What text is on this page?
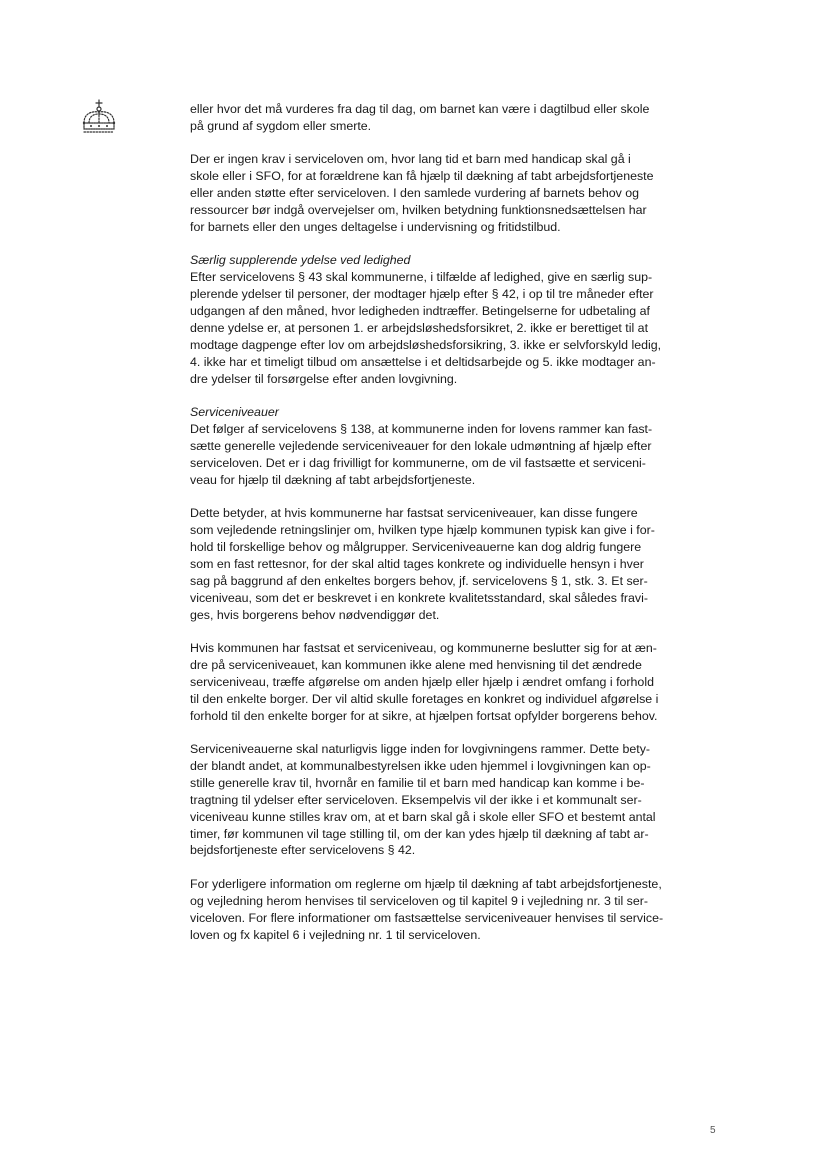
eller hvor det må vurderes fra dag til dag, om barnet kan være i dagtilbud eller skole
på grund af sygdom eller smerte.
Der er ingen krav i serviceloven om, hvor lang tid et barn med handicap skal gå i
skole eller i SFO, for at forældrene kan få hjælp til dækning af tabt arbejdsfortjeneste
eller anden støtte efter serviceloven. I den samlede vurdering af barnets behov og
ressourcer bør indgå overvejelser om, hvilken betydning funktionsnedsættelsen har
for barnets eller den unges deltagelse i undervisning og fritidstilbud.
Særlig supplerende ydelse ved ledighed
Efter servicelovens § 43 skal kommunerne, i tilfælde af ledighed, give en særlig sup-
plerende ydelser til personer, der modtager hjælp efter § 42, i op til tre måneder efter
udgangen af den måned, hvor ledigheden indtræffer. Betingelserne for udbetaling af
denne ydelse er, at personen 1. er arbejdsløshedsforsikret, 2. ikke er berettiget til at
modtage dagpenge efter lov om arbejdsløshedsforsikring, 3. ikke er selvforskyld ledig,
4. ikke har et timeligt tilbud om ansættelse i et deltidsarbejde og 5. ikke modtager an-
dre ydelser til forsørgelse efter anden lovgivning.
Serviceniveauer
Det følger af servicelovens § 138, at kommunerne inden for lovens rammer kan fast-
sætte generelle vejledende serviceniveauer for den lokale udmøntning af hjælp efter
serviceloven. Det er i dag frivilligt for kommunerne, om de vil fastsætte et serviceni-
veau for hjælp til dækning af tabt arbejdsfortjeneste.
Dette betyder, at hvis kommunerne har fastsat serviceniveauer, kan disse fungere
som vejledende retningslinjer om, hvilken type hjælp kommunen typisk kan give i for-
hold til forskellige behov og målgrupper. Serviceniveauerne kan dog aldrig fungere
som en fast rettesnor, for der skal altid tages konkrete og individuelle hensyn i hver
sag på baggrund af den enkeltes borgers behov, jf. servicelovens § 1, stk. 3. Et ser-
viceniveau, som det er beskrevet i en konkrete kvalitetsstandard, skal således fravi-
ges, hvis borgerens behov nødvendiggør det.
Hvis kommunen har fastsat et serviceniveau, og kommunerne beslutter sig for at æn-
dre på serviceniveauet, kan kommunen ikke alene med henvisning til det ændrede
serviceniveau, træffe afgørelse om anden hjælp eller hjælp i ændret omfang i forhold
til den enkelte borger. Der vil altid skulle foretages en konkret og individuel afgørelse i
forhold til den enkelte borger for at sikre, at hjælpen fortsat opfylder borgerens behov.
Serviceniveauerne skal naturligvis ligge inden for lovgivningens rammer. Dette bety-
der blandt andet, at kommunalbestyrelsen ikke uden hjemmel i lovgivningen kan op-
stille generelle krav til, hvornår en familie til et barn med handicap kan komme i be-
tragtning til ydelser efter serviceloven. Eksempelvis vil der ikke i et kommunalt ser-
viceniveau kunne stilles krav om, at et barn skal gå i skole eller SFO et bestemt antal
timer, før kommunen vil tage stilling til, om der kan ydes hjælp til dækning af tabt ar-
bejdsfortjeneste efter servicelovens § 42.
For yderligere information om reglerne om hjælp til dækning af tabt arbejdsfortjeneste,
og vejledning herom henvises til serviceloven og til kapitel 9 i vejledning nr. 3 til ser-
viceloven. For flere informationer om fastsættelse serviceniveauer henvises til service-
loven og fx kapitel 6 i vejledning nr. 1 til serviceloven.
5
